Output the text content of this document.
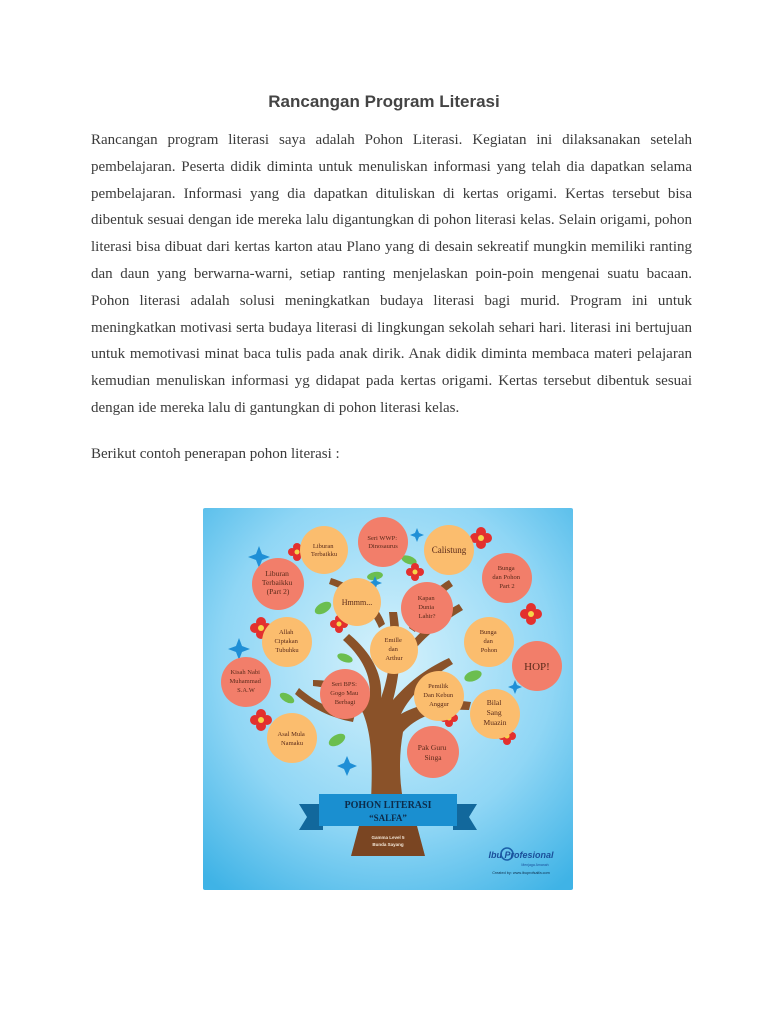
Rancangan Program Literasi

Rancangan program literasi saya adalah Pohon Literasi. Kegiatan ini dilaksanakan setelah pembelajaran. Peserta didik diminta untuk menuliskan informasi yang telah dia dapatkan selama pembelajaran. Informasi yang dia dapatkan dituliskan di kertas origami. Kertas tersebut bisa dibentuk sesuai dengan ide mereka lalu digantungkan di pohon literasi kelas. Selain origami, pohon literasi bisa dibuat dari kertas karton atau Plano yang di desain sekreatif mungkin memiliki ranting dan daun yang berwarna-warni, setiap ranting menjelaskan poin-poin mengenai suatu bacaan. Pohon literasi adalah solusi meningkatkan budaya literasi bagi murid. Program ini untuk meningkatkan motivasi serta budaya literasi di lingkungan sekolah sehari hari. literasi ini bertujuan untuk memotivasi minat baca tulis pada anak dirik. Anak didik diminta membaca materi pelajaran kemudian menuliskan informasi yg didapat pada kertas origami. Kertas tersebut dibentuk sesuai dengan ide mereka lalu di gantungkan di pohon literasi kelas.

Berikut contoh penerapan pohon literasi :

Seri WWP: Dinosaurus
Liburan Terbaikku	Calistung
Liburan Terbaikku (Part 2)
Bunga dan Pohon Part 2
Hmmm...	Kapan Dunia Lahir?
Allah Ciptakan Tubuhku
Emille dan Arthur
Bunga dan Pohon
HOP!
Kisah Nabi Muhammad S.A.W
Seri BPS: Gogo Mau Berbagi
Pemilik Dan Kebun Anggur	Bilal Sang Muazin
Asal Mula Namaku	Pak Guru Singa
POHON LITERASI
“SALFA”
Gamma Level 5
Bunda Sayang
Ibu Profesional
Menjaga Amanah
Created by: www.ibuprofsalfa.com
